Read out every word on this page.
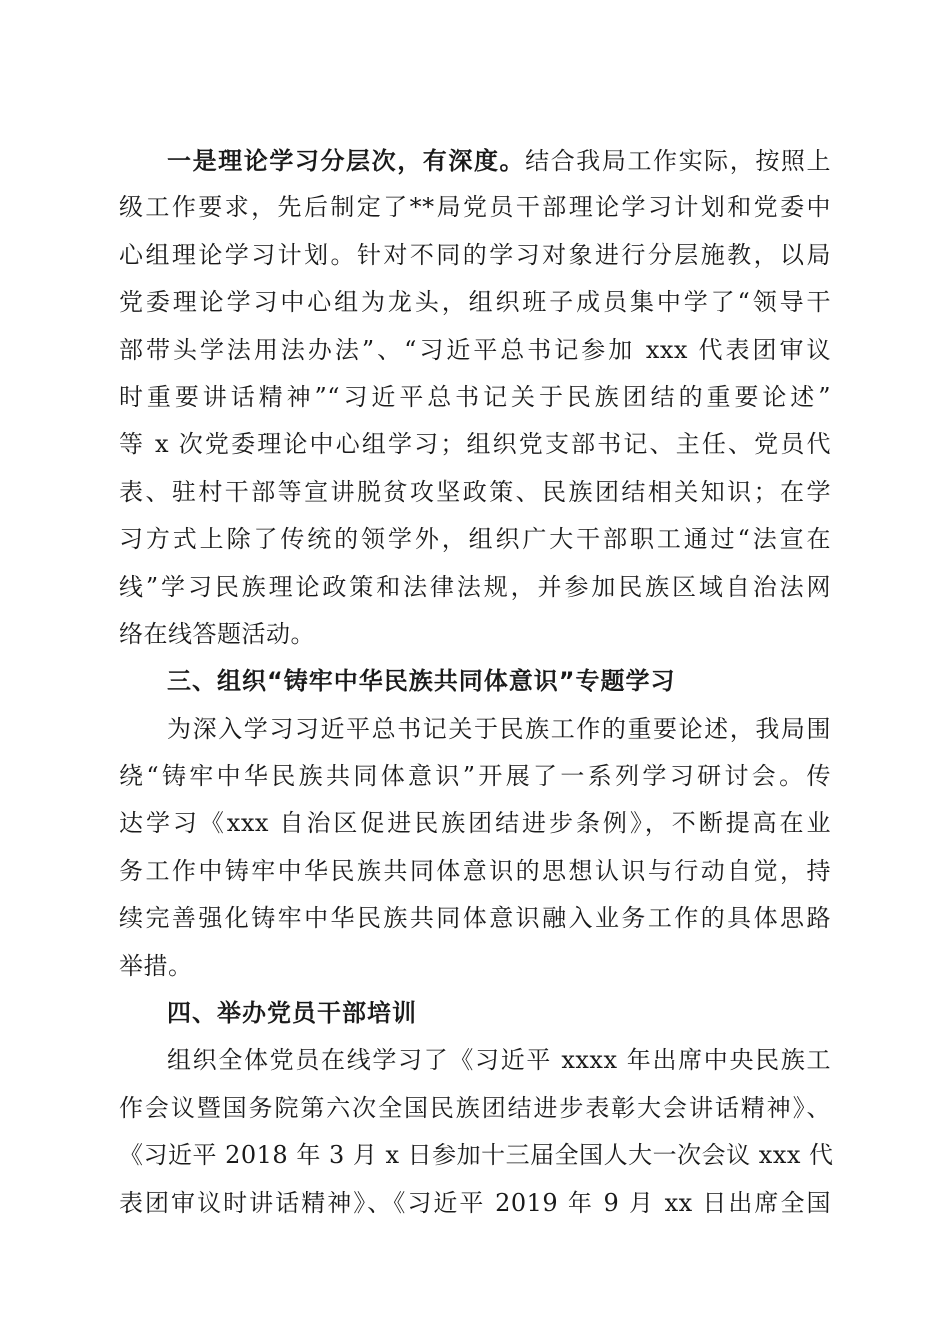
一是理论学习分层次，有深度。结合我局工作实际，按照上
级工作要求，先后制定了**局党员干部理论学习计划和党委中
心组理论学习计划。针对不同的学习对象进行分层施教，以局
党委理论学习中心组为龙头，组织班子成员集中学了“领导干
部带头学法用法办法”、“习近平总书记参加 xxx 代表团审议
时重要讲话精神”“习近平总书记关于民族团结的重要论述”
等 x 次党委理论中心组学习；组织党支部书记、主任、党员代
表、驻村干部等宣讲脱贫攻坚政策、民族团结相关知识；在学
习方式上除了传统的领学外，组织广大干部职工通过“法宣在
线”学习民族理论政策和法律法规，并参加民族区域自治法网
络在线答题活动。
三、组织“铸牢中华民族共同体意识”专题学习
为深入学习习近平总书记关于民族工作的重要论述，我局围
绕“铸牢中华民族共同体意识”开展了一系列学习研讨会。传
达学习《xxx 自治区促进民族团结进步条例》，不断提高在业
务工作中铸牢中华民族共同体意识的思想认识与行动自觉，持
续完善强化铸牢中华民族共同体意识融入业务工作的具体思路
举措。
四、举办党员干部培训
组织全体党员在线学习了《习近平 xxxx 年出席中央民族工
作会议暨国务院第六次全国民族团结进步表彰大会讲话精神》、
《习近平 2018 年 3 月 x 日参加十三届全国人大一次会议 xxx 代
表团审议时讲话精神》、《习近平 2019 年 9 月 xx 日出席全国
